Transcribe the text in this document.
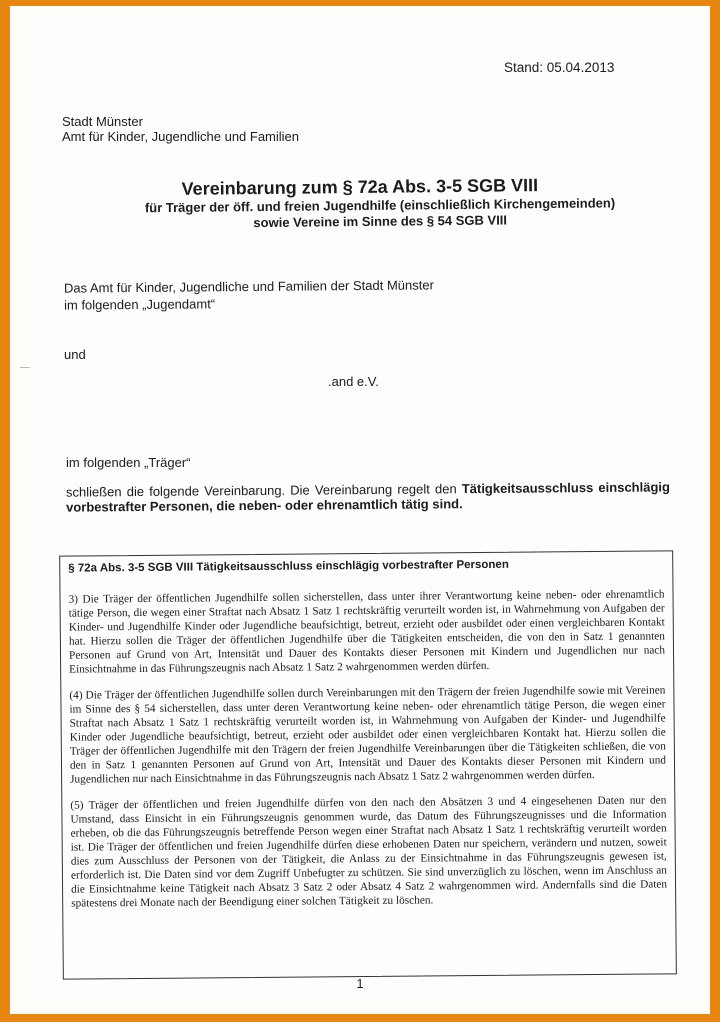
Stand: 05.04.2013
Stadt Münster
Amt für Kinder, Jugendliche und Familien
Vereinbarung zum § 72a Abs. 3-5 SGB VIII
für Träger der öff. und freien Jugendhilfe (einschließlich Kirchengemeinden)
sowie Vereine im Sinne des § 54 SGB VIII
Das Amt für Kinder, Jugendliche und Familien der Stadt Münster
im folgenden „Jugendamt“
und
.and e.V.
im folgenden „Träger“
schließen die folgende Vereinbarung. Die Vereinbarung regelt den Tätigkeitsausschluss einschlägig vorbestrafter Personen, die neben- oder ehrenamtlich tätig sind.
§ 72a Abs. 3-5 SGB VIII Tätigkeitsausschluss einschlägig vorbestrafter Personen

3) Die Träger der öffentlichen Jugendhilfe sollen sicherstellen, dass unter ihrer Verantwortung keine neben- oder ehrenamtlich tätige Person, die wegen einer Straftat nach Absatz 1 Satz 1 rechtskräftig verurteilt worden ist, in Wahrnehmung von Aufgaben der Kinder- und Jugendhilfe Kinder oder Jugendliche beaufsichtigt, betreut, erzieht oder ausbildet oder einen vergleichbaren Kontakt hat. Hierzu sollen die Träger der öffentlichen Jugendhilfe über die Tätigkeiten entscheiden, die von den in Satz 1 genannten Personen auf Grund von Art, Intensität und Dauer des Kontakts dieser Personen mit Kindern und Jugendlichen nur nach Einsichtnahme in das Führungszeugnis nach Absatz 1 Satz 2 wahrgenommen werden dürfen.

(4) Die Träger der öffentlichen Jugendhilfe sollen durch Vereinbarungen mit den Trägern der freien Jugendhilfe sowie mit Vereinen im Sinne des § 54 sicherstellen, dass unter deren Verantwortung keine neben- oder ehrenamtlich tätige Person, die wegen einer Straftat nach Absatz 1 Satz 1 rechtskräftig verurteilt worden ist, in Wahrnehmung von Aufgaben der Kinder- und Jugendhilfe Kinder oder Jugendliche beaufsichtigt, betreut, erzieht oder ausbildet oder einen vergleichbaren Kontakt hat. Hierzu sollen die Träger der öffentlichen Jugendhilfe mit den Trägern der freien Jugendhilfe Vereinbarungen über die Tätigkeiten schließen, die von den in Satz 1 genannten Personen auf Grund von Art, Intensität und Dauer des Kontakts dieser Personen mit Kindern und Jugendlichen nur nach Einsichtnahme in das Führungszeugnis nach Absatz 1 Satz 2 wahrgenommen werden dürfen.

(5) Träger der öffentlichen und freien Jugendhilfe dürfen von den nach den Absätzen 3 und 4 eingesehenen Daten nur den Umstand, dass Einsicht in ein Führungszeugnis genommen wurde, das Datum des Führungszeugnisses und die Information erheben, ob die das Führungszeugnis betreffende Person wegen einer Straftat nach Absatz 1 Satz 1 rechtskräftig verurteilt worden ist. Die Träger der öffentlichen und freien Jugendhilfe dürfen diese erhobenen Daten nur speichern, verändern und nutzen, soweit dies zum Ausschluss der Personen von der Tätigkeit, die Anlass zu der Einsichtnahme in das Führungszeugnis gewesen ist, erforderlich ist. Die Daten sind vor dem Zugriff Unbefugter zu schützen. Sie sind unverzüglich zu löschen, wenn im Anschluss an die Einsichtnahme keine Tätigkeit nach Absatz 3 Satz 2 oder Absatz 4 Satz 2 wahrgenommen wird. Andernfalls sind die Daten spätestens drei Monate nach der Beendigung einer solchen Tätigkeit zu löschen.

1
